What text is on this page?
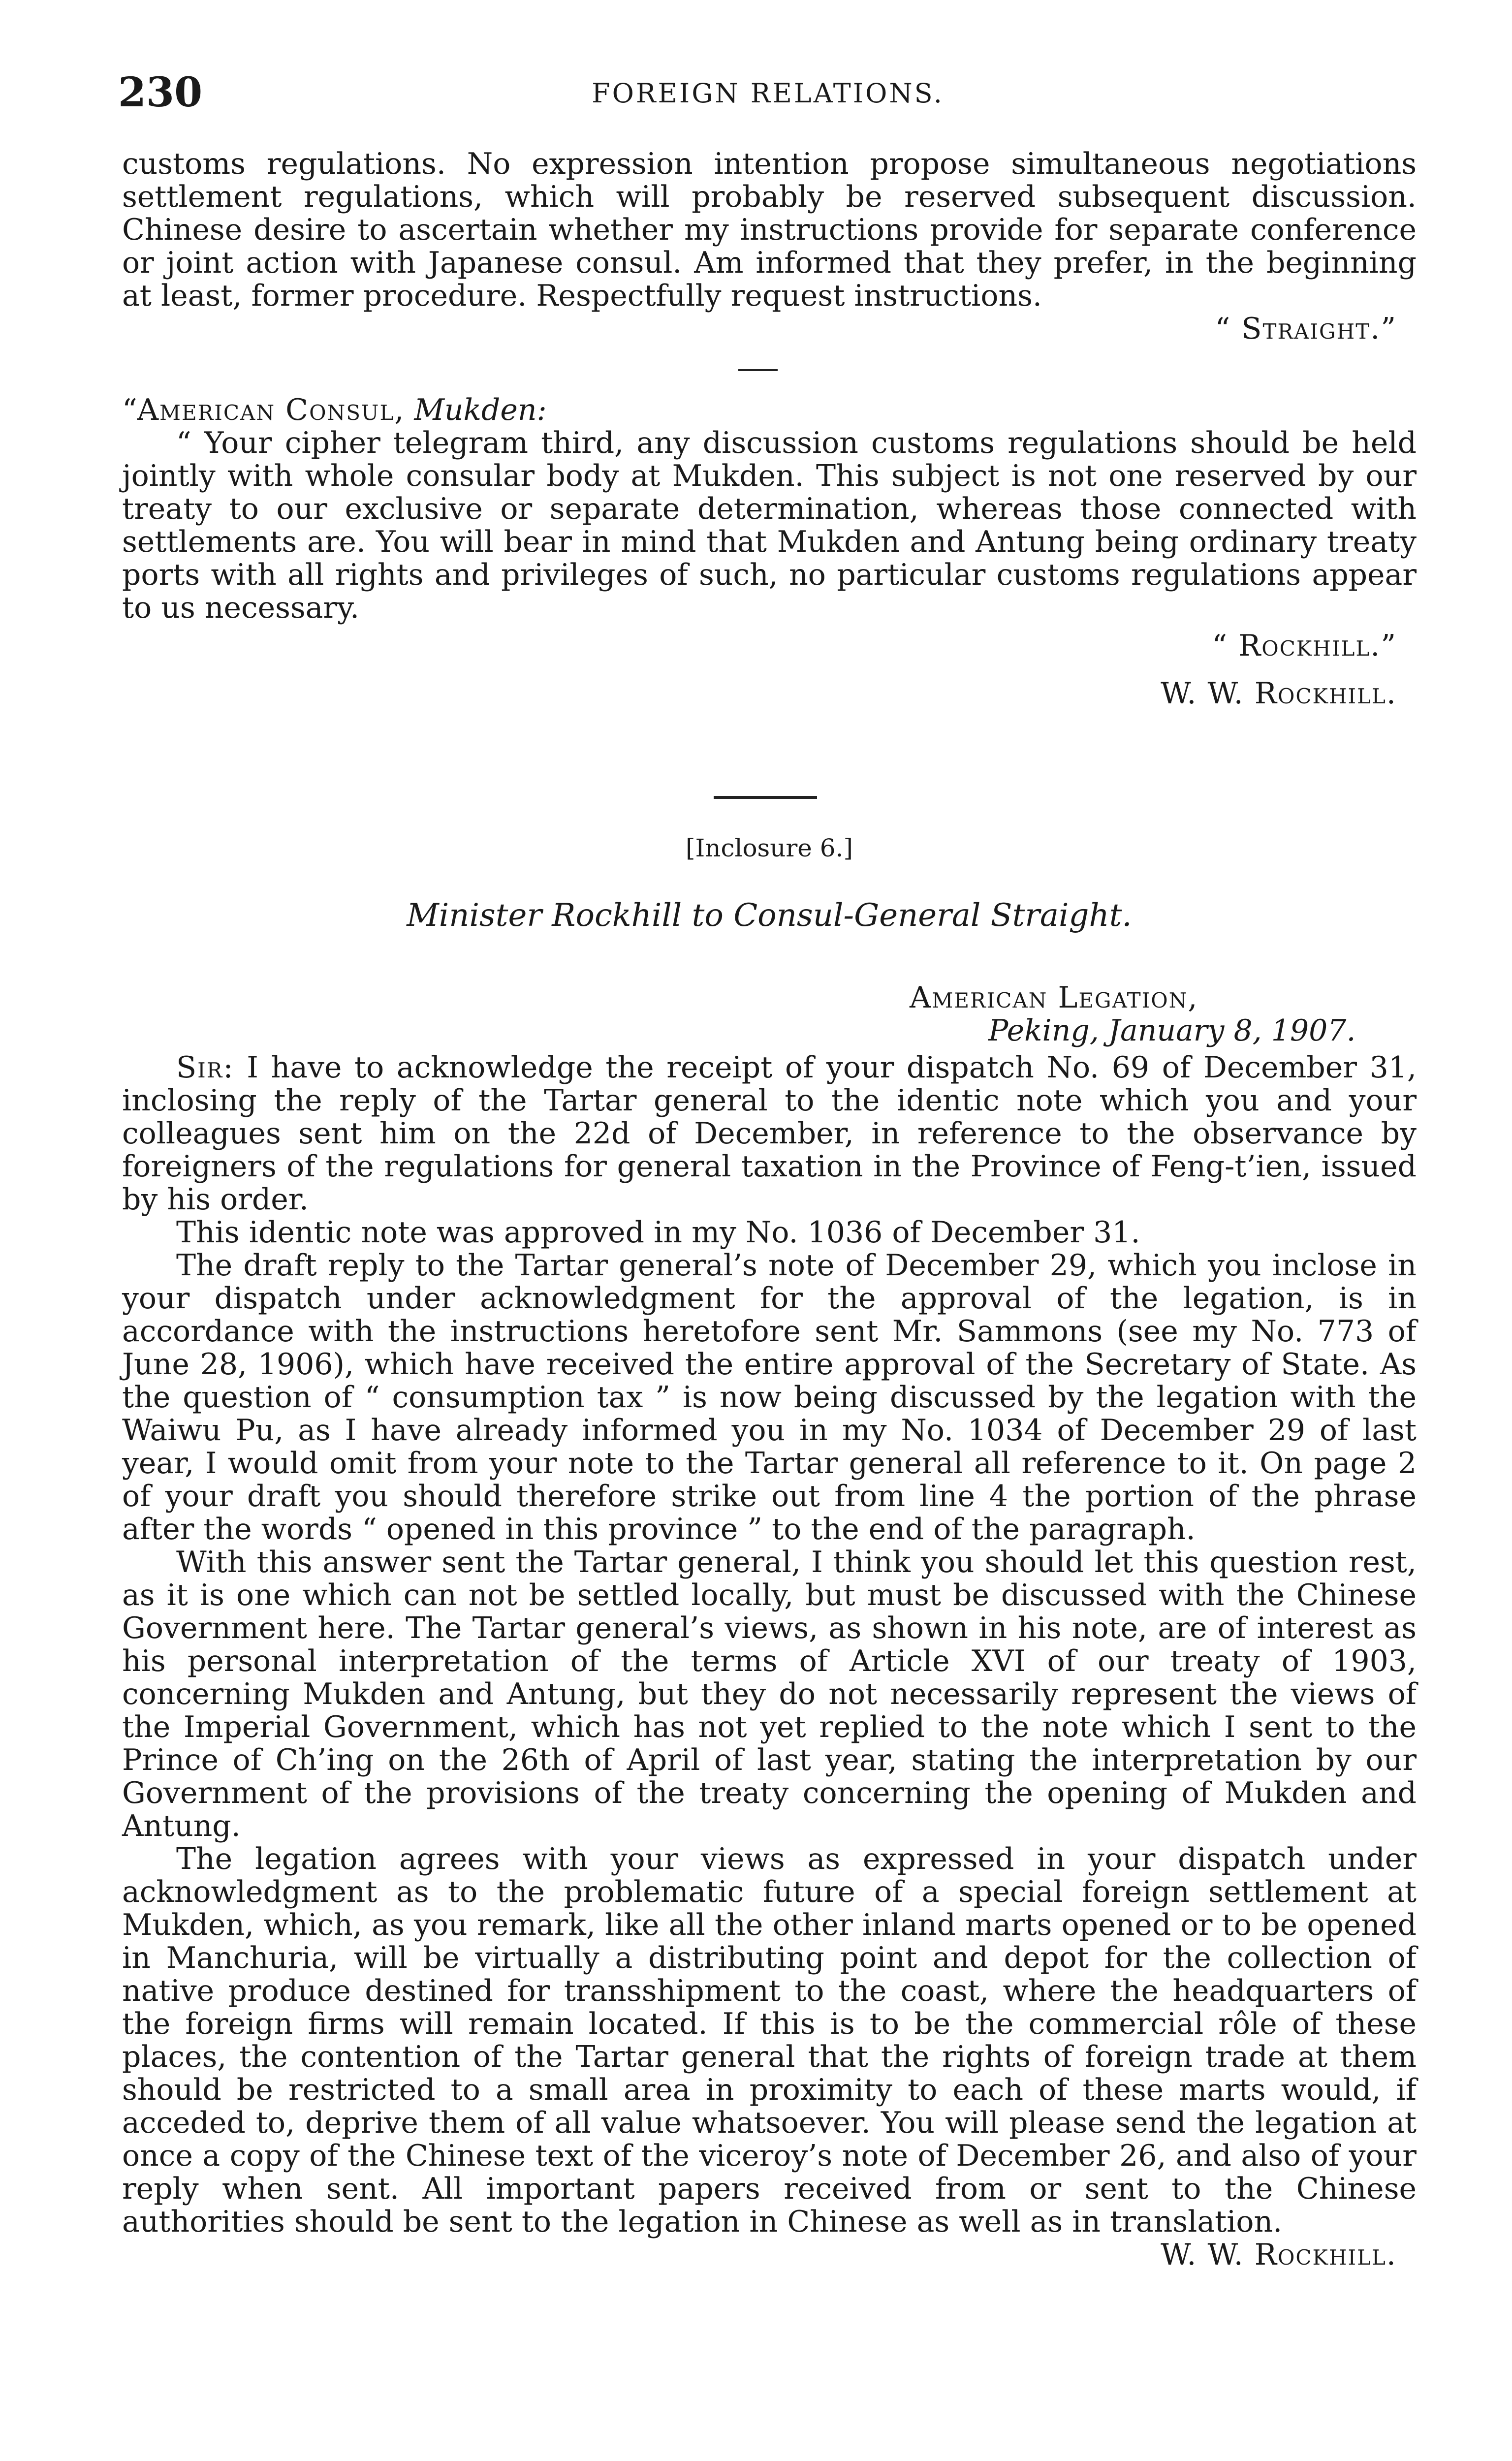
230	FOREIGN RELATIONS.

customs regulations. No expression intention propose simultaneous negotiations settlement regulations, which will probably be reserved subsequent discussion. Chinese desire to ascertain whether my instructions provide for separate conference or joint action with Japanese consul. Am informed that they prefer, in the beginning at least, former procedure. Respectfully request instructions.

“ Straight.”

“American Consul, Mukden:

“ Your cipher telegram third, any discussion customs regulations should be held jointly with whole consular body at Mukden. This subject is not one reserved by our treaty to our exclusive or separate determination, whereas those connected with settlements are. You will bear in mind that Mukden and Antung being ordinary treaty ports with all rights and privileges of such, no particular customs regulations appear to us necessary.

“ Rockhill.”

W. W. Rockhill.

[Inclosure 6.]

Minister Rockhill to Consul-General Straight.

American Legation,

Peking, January 8, 1907.

Sir: I have to acknowledge the receipt of your dispatch No. 69 of December 31, inclosing the reply of the Tartar general to the identic note which you and your colleagues sent him on the 22d of December, in reference to the observance by foreigners of the regulations for general taxation in the Province of Feng-t’ien, issued by his order.

This identic note was approved in my No. 1036 of December 31.

The draft reply to the Tartar general’s note of December 29, which you inclose in your dispatch under acknowledgment for the approval of the legation, is in accordance with the instructions heretofore sent Mr. Sammons (see my No. 773 of June 28, 1906), which have received the entire approval of the Secretary of State. As the question of “ consumption tax ” is now being discussed by the legation with the Waiwu Pu, as I have already informed you in my No. 1034 of December 29 of last year, I would omit from your note to the Tartar general all reference to it. On page 2 of your draft you should therefore strike out from line 4 the portion of the phrase after the words “ opened in this province ” to the end of the paragraph.

With this answer sent the Tartar general, I think you should let this question rest, as it is one which can not be settled locally, but must be discussed with the Chinese Government here. The Tartar general’s views, as shown in his note, are of interest as his personal interpretation of the terms of Article XVI of our treaty of 1903, concerning Mukden and Antung, but they do not necessarily represent the views of the Imperial Government, which has not yet replied to the note which I sent to the Prince of Ch’ing on the 26th of April of last year, stating the interpretation by our Government of the provisions of the treaty concerning the opening of Mukden and Antung.

The legation agrees with your views as expressed in your dispatch under acknowledgment as to the problematic future of a special foreign settlement at Mukden, which, as you remark, like all the other inland marts opened or to be opened in Manchuria, will be virtually a distributing point and depot for the collection of native produce destined for transshipment to the coast, where the headquarters of the foreign firms will remain located. If this is to be the commercial rôle of these places, the contention of the Tartar general that the rights of foreign trade at them should be restricted to a small area in proximity to each of these marts would, if acceded to, deprive them of all value whatsoever. You will please send the legation at once a copy of the Chinese text of the viceroy’s note of December 26, and also of your reply when sent. All important papers received from or sent to the Chinese authorities should be sent to the legation in Chinese as well as in translation.

W. W. Rockhill.
